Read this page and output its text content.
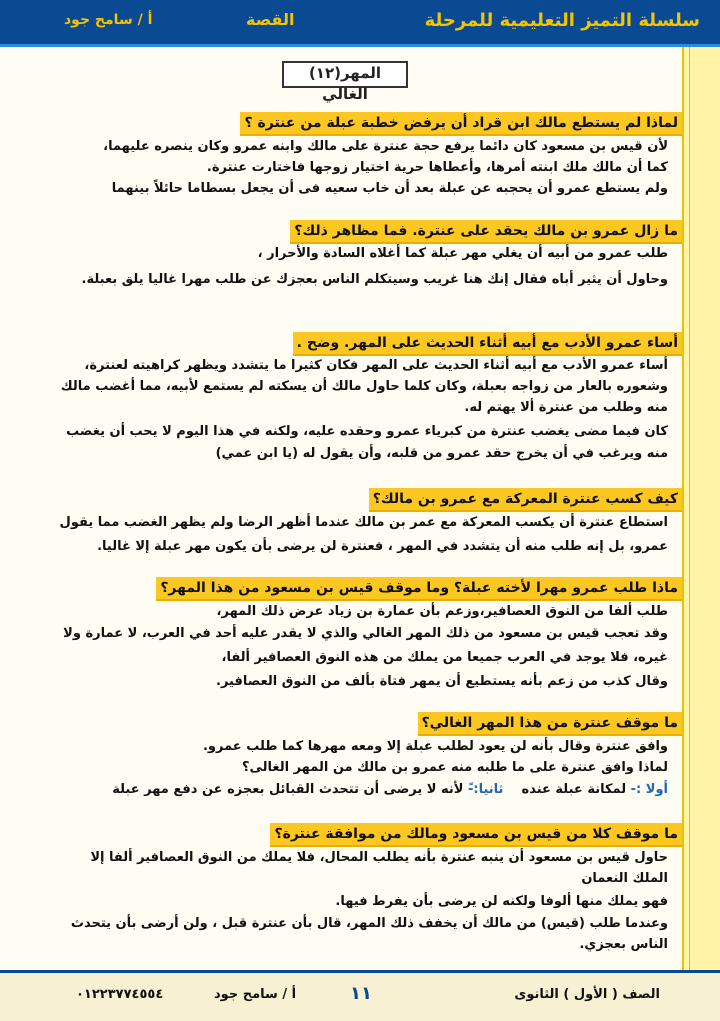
سلسلة التميز التعليمية للمرحلة
القصة
أ / سامح جود
(١٢)المهر الغالي
لماذا لم يستطع مالك ابن قراد أن يرفض خطبة عبلة من عنترة ؟
لأن قيس بن مسعود كان دائما يرفع حجة عنترة على مالك وابنه عمرو وكان ينصره عليهما،
كما أن مالك ملك ابنته أمرها، وأعطاها حرية اختيار زوجها فاختارت عنترة.
ولم يستطع عمرو أن يحجبه عن عبلة بعد أن خاب سعيه فى أن يجعل بسطاما حائلاً بينهما
ما زال عمرو بن مالك يحقد على عنترة. فما مظاهر ذلك؟
طلب عمرو من أبيه أن يغلي مهر عبلة كما أغلاه السادة والأحرار ،
وحاول أن يثير أباه فقال إنك هنا غريب وسيتكلم الناس بعجزك عن طلب مهرا غاليا يلق بعبلة.
أساء عمرو الأدب مع أبيه أثناء الحديث على المهر. وضح .
أساء عمرو الأدب مع أبيه أثناء الحديث على المهر فكان كثيرا ما يتشدد ويظهر كراهيته لعنترة،
وشعوره بالعار من زواجه بعبلة، وكان كلما حاول مالك أن يسكته لم يستمع لأبيه، مما أغضب مالك
منه وطلب من عنترة ألا يهتم له.
كان فيما مضى يغضب عنترة من كبرياء عمرو وحقده عليه، ولكنه في هذا اليوم لا يحب أن يغضب
منه ويرغب في أن يخرج حقد عمرو من قلبه، وأن يقول له (يا ابن عمي)
كيف كسب عنترة المعركة مع عمرو بن مالك؟
استطاع عنترة أن يكسب المعركة مع عمر بن مالك عندما أظهر الرضا ولم يظهر الغضب مما يقول
عمرو، بل إنه طلب منه أن يتشدد في المهر ، فعنترة لن يرضى بأن يكون مهر عبلة إلا غاليا.
ماذا طلب عمرو مهرا لأخته عبلة؟ وما موقف قيس بن مسعود من هذا المهر؟
طلب ألفا من النوق العصافير،وزعم بأن عمارة بن زياد عرض ذلك المهر،
وقد تعجب قيس بن مسعود من ذلك المهر الغالي والذي لا يقدر عليه أحد في العرب، لا عمارة ولا
غيره، فلا يوجد في العرب جميعا من يملك من هذه النوق العصافير ألفا،
وقال كذب من زعم بأنه يستطيع أن يمهر فتاة بألف من النوق العصافير.
ما موقف عنترة من هذا المهر الغالي؟
وافق عنترة وقال بأنه لن يعود لطلب عبلة إلا ومعه مهرها كما طلب عمرو.
لماذا وافق عنترة على ما طلبه منه عمرو بن مالك من المهر الغالى؟
أولا :- لمكانة عبلة عنده    ثانيا:-ً لأنه لا يرضى أن تتحدث القبائل بعجزه عن دفع مهر عبلة
ما موقف كلا من قيس بن مسعود ومالك من موافقة عنترة؟
حاول قيس بن مسعود أن ينبه عنترة بأنه يطلب المحال، فلا يملك من النوق العصافير ألفا إلا الملك النعمان
فهو يملك منها ألوفا ولكنه لن يرضى بأن يفرط فيها.
وعندما طلب (قيس) من مالك أن يخفف ذلك المهر، قال بأن عنترة قبل ، ولن أرضى بأن يتحدث الناس بعجزي.
الصف ( الأول ) الثانوى
١١
أ / سامح جود
٠١٢٢٣٧٧٤٥٥٤
